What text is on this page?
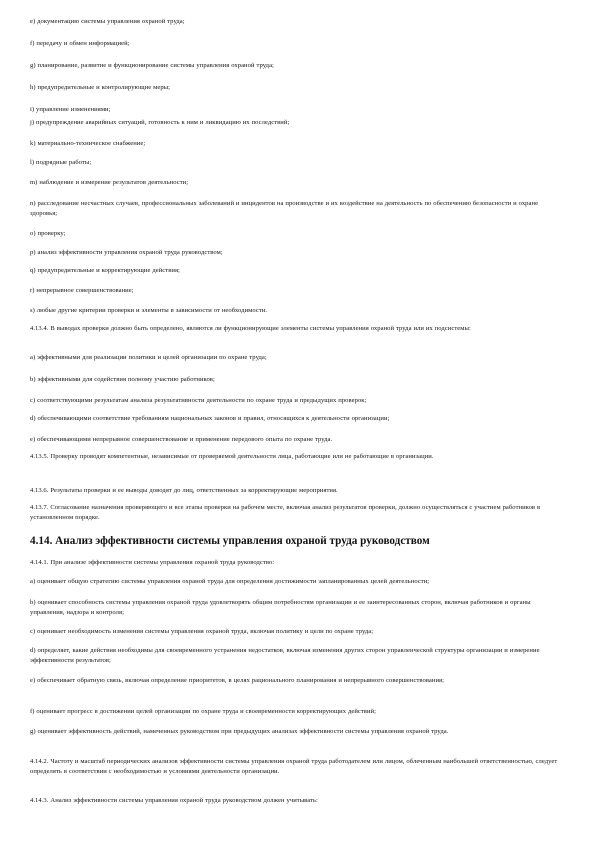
e) документацию системы управления охраной труда;
f) передачу и обмен информацией;
g) планирование, развитие и функционирование системы управления охраной труда;
h) предупредительные и контролирующие меры;
i) управление изменениями;
j) предупреждение аварийных ситуаций, готовность к ним и ликвидацию их последствий;
k) материально-техническое снабжение;
l) подрядные работы;
m) наблюдение и измерение результатов деятельности;
n) расследование несчастных случаев, профессиональных заболеваний и инцидентов на производстве и их воздействие на деятельность по обеспечению безопасности и охране здоровья;
o) проверку;
p) анализ эффективности управления охраной труда руководством;
q) предупредительные и корректирующие действия;
r) непрерывное совершенствование;
s) любые другие критерии проверки и элементы в зависимости от необходимости.
4.13.4. В выводах проверки должно быть определено, являются ли функционирующие элементы системы управления охраной труда или их подсистемы:
a) эффективными для реализации политики и целей организации по охране труда;
b) эффективными для содействия полному участию работников;
c) соответствующими результатам анализа результативности деятельности по охране труда и предыдущих проверок;
d) обеспечивающими соответствие требованиям национальных законов и правил, относящихся к деятельности организации;
e) обеспечивающими непрерывное совершенствование и применение передового опыта по охране труда.
4.13.5. Проверку проводят компетентные, независимые от проверяемой деятельности лица, работающие или не работающие в организации.
4.13.6. Результаты проверки и ее выводы доводят до лиц, ответственных за корректирующие мероприятия.
4.13.7. Согласование назначения проверяющего и все этапы проверки на рабочем месте, включая анализ результатов проверки, должно осуществляться с участием работников в установленном порядке.
4.14. Анализ эффективности системы управления охраной труда руководством
4.14.1. При анализе эффективности системы управления охраной труда руководство:
a) оценивает общую стратегию системы управления охраной труда для определения достижимости запланированных целей деятельности;
b) оценивает способность системы управления охраной труда удовлетворять общим потребностям организации и ее заинтересованных сторон, включая работников и органы управления, надзора и контроля;
c) оценивает необходимость изменения системы управления охраной труда, включая политику и цели по охране труда;
d) определяет, какие действия необходимы для своевременного устранения недостатков, включая изменения других сторон управленческой структуры организации и измерение эффективности результатов;
e) обеспечивает обратную связь, включая определение приоритетов, в целях рационального планирования и непрерывного совершенствования;
f) оценивает прогресс в достижении целей организации по охране труда и своевременности корректирующих действий;
g) оценивает эффективность действий, намеченных руководством при предыдущих анализах эффективности системы управления охраной труда.
4.14.2. Частоту и масштаб периодических анализов эффективности системы управления охраной труда работодателем или лицом, облеченным наибольшей ответственностью, следует определять в соответствии с необходимостью и условиями деятельности организации.
4.14.3. Анализ эффективности системы управления охраной труда руководством должен учитывать:
